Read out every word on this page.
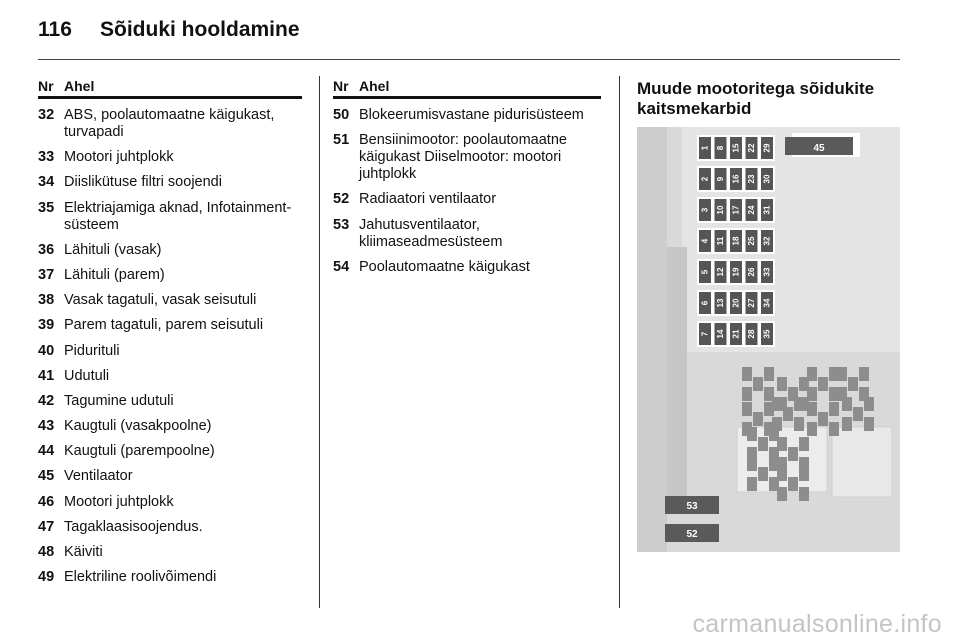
116 Sõiduki hooldamine
Nr Ahel
32 ABS, poolautomaatne käigukast, turvapadi
33 Mootori juhtplokk
34 Diislikütuse filtri soojendi
35 Elektriajamiga aknad, Infotainment-süsteem
36 Lähituli (vasak)
37 Lähituli (parem)
38 Vasak tagatuli, vasak seisutuli
39 Parem tagatuli, parem seisutuli
40 Pidurituli
41 Udutuli
42 Tagumine udutuli
43 Kaugtuli (vasakpoolne)
44 Kaugtuli (parempoolne)
45 Ventilaator
46 Mootori juhtplokk
47 Tagaklaasisoojendus.
48 Käiviti
49 Elektriline roolivõimendi
Nr Ahel
50 Blokeerumisvastane pidurisüsteem
51 Bensiinimootor: poolautomaatne käigukast Diiselmootor: mootori juhtplokk
52 Radiaatori ventilaator
53 Jahutusventilaator, kliimaseadmesüsteem
54 Poolautomaatne käigukast
Muude mootoritega sõidukite kaitsmekarbid
45
53
52
1 8 15 22 29
2 9 16 23 30
3 10 17 24 31
4 11 18 25 32
5 12 19 26 33
6 13 20 27 34
7 14 21 28 35
carmanualsonline.info
